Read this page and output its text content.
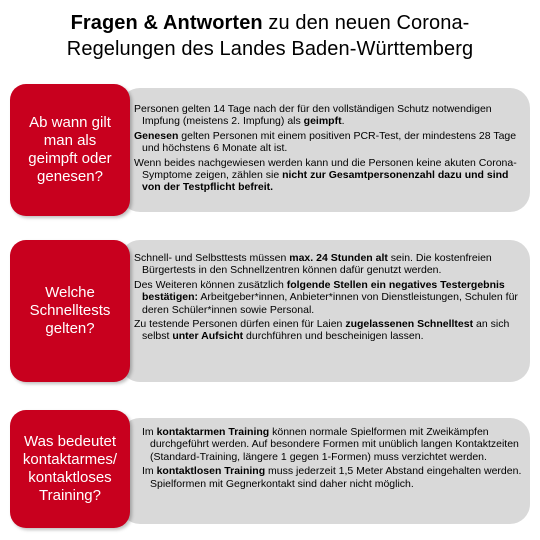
Fragen & Antworten zu den neuen Corona-
Regelungen des Landes Baden-Württemberg
Ab wann gilt man als geimpft oder genesen?

Personen gelten 14 Tage nach der für den vollständigen Schutz notwendigen Impfung (meistens 2. Impfung) als geimpft.

Genesen gelten Personen mit einem positiven PCR-Test, der mindestens 28 Tage und höchstens 6 Monate alt ist.

Wenn beides nachgewiesen werden kann und die Personen keine akuten Corona-Symptome zeigen, zählen sie nicht zur Gesamtpersonenzahl dazu und sind von der Testpflicht befreit.

Welche Schnelltests gelten?

Schnell- und Selbsttests müssen max. 24 Stunden alt sein. Die kostenfreien Bürgertests in den Schnellzentren können dafür genutzt werden.

Des Weiteren können zusätzlich folgende Stellen ein negatives Testergebnis bestätigen: Arbeitgeber*innen, Anbieter*innen von Dienstleistungen, Schulen für deren Schüler*innen sowie Personal.

Zu testende Personen dürfen einen für Laien zugelassenen Schnelltest an sich selbst unter Aufsicht durchführen und bescheinigen lassen.

Was bedeutet kontaktarmes/ kontaktloses Training?

Im kontaktarmen Training können normale Spielformen mit Zweikämpfen durchgeführt werden. Auf besondere Formen mit unüblich langen Kontaktzeiten (Standard-Training, längere 1 gegen 1-Formen) muss verzichtet werden.

Im kontaktlosen Training muss jederzeit 1,5 Meter Abstand eingehalten werden. Spielformen mit Gegnerkontakt sind daher nicht möglich.
